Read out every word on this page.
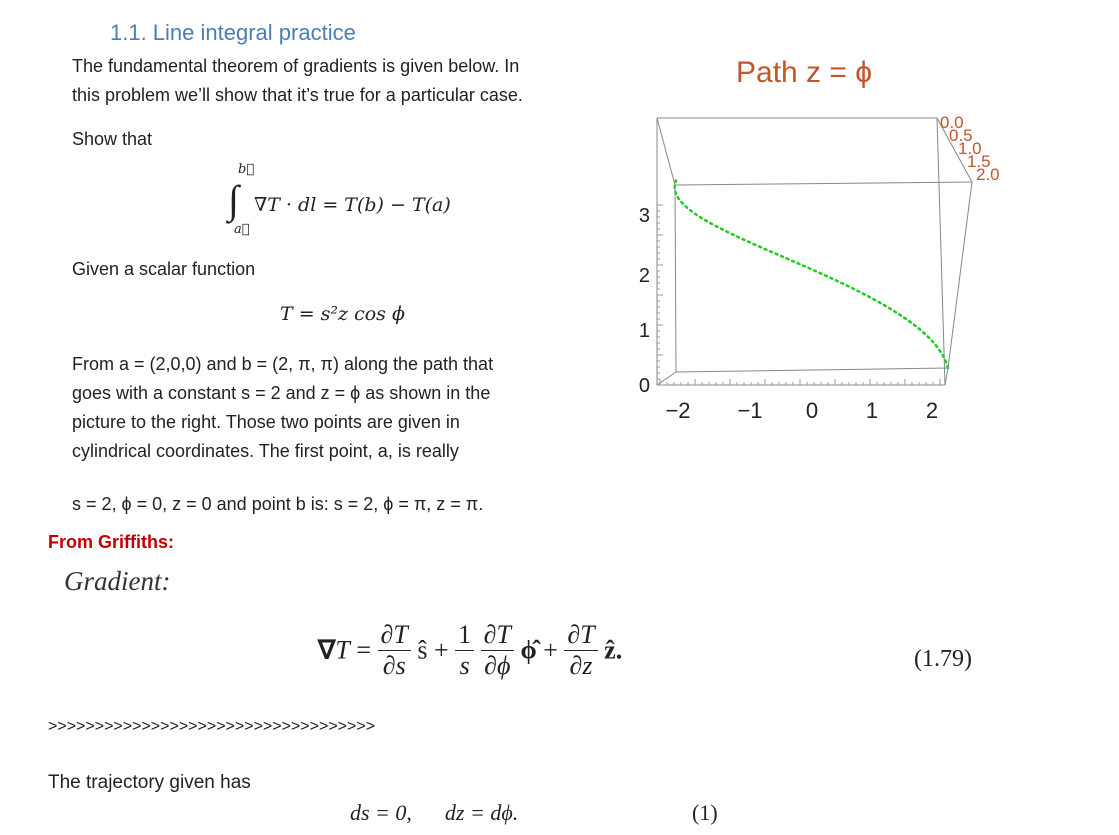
1.1. Line integral practice
The fundamental theorem of gradients is given below. In
this problem we’ll show that it’s true for a particular case.
Show that
∫
b⃗
a⃗
∇T · dl = T(b) − T(a)
Given a scalar function
T = s²z cos ϕ
From a = (2,0,0) and b = (2, π, π) along the path that
goes with a constant s = 2 and z = ϕ as shown in the
picture to the right. Those two points are given in
cylindrical coordinates. The first point, a, is really
s = 2, ϕ = 0, z = 0 and point b is: s = 2, ϕ = π, z = π.
From Griffiths:
Gradient:
$\nabla T = \frac{\partial T}{\partial s}$ ŝ + $\frac{1}{s}$
$\frac{\partial T}{\partial\phi}$ ϕ̂ + $\frac{\partial T}{\partial z}$ ẑ.	(1.79)
>>>>>>>>>>>>>>>>>>>>>>>>>>>>>>>>>>>
The trajectory given has
ds = 0,      dz = dϕ.	(1)
Path z = ϕ
−2 −1 0 1 2
0
1
2
3
0.0
0.5
1.0
1.5
2.0
